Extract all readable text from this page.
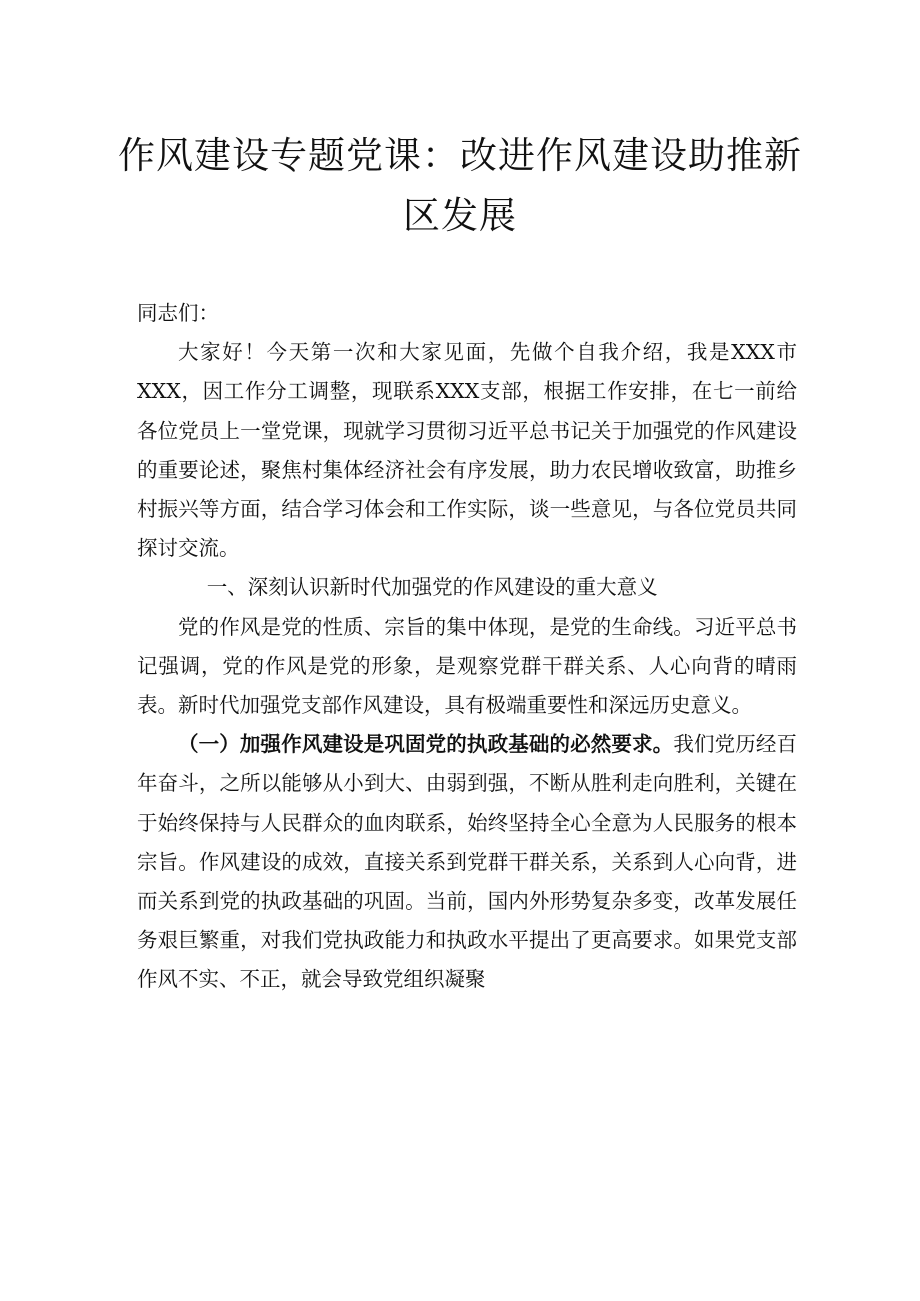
作风建设专题党课：改进作风建设助推新区发展

同志们：

大家好！今天第一次和大家见面，先做个自我介绍，我是XXX市XXX，因工作分工调整，现联系XXX支部，根据工作安排，在七一前给各位党员上一堂党课，现就学习贯彻习近平总书记关于加强党的作风建设的重要论述，聚焦村集体经济社会有序发展，助力农民增收致富，助推乡村振兴等方面，结合学习体会和工作实际，谈一些意见，与各位党员共同探讨交流。

一、深刻认识新时代加强党的作风建设的重大意义

党的作风是党的性质、宗旨的集中体现，是党的生命线。习近平总书记强调，党的作风是党的形象，是观察党群干群关系、人心向背的晴雨表。新时代加强党支部作风建设，具有极端重要性和深远历史意义。

（一）加强作风建设是巩固党的执政基础的必然要求。我们党历经百年奋斗，之所以能够从小到大、由弱到强，不断从胜利走向胜利，关键在于始终保持与人民群众的血肉联系，始终坚持全心全意为人民服务的根本宗旨。作风建设的成效，直接关系到党群干群关系，关系到人心向背，进而关系到党的执政基础的巩固。当前，国内外形势复杂多变，改革发展任务艰巨繁重，对我们党执政能力和执政水平提出了更高要求。如果党支部作风不实、不正，就会导致党组织凝聚
